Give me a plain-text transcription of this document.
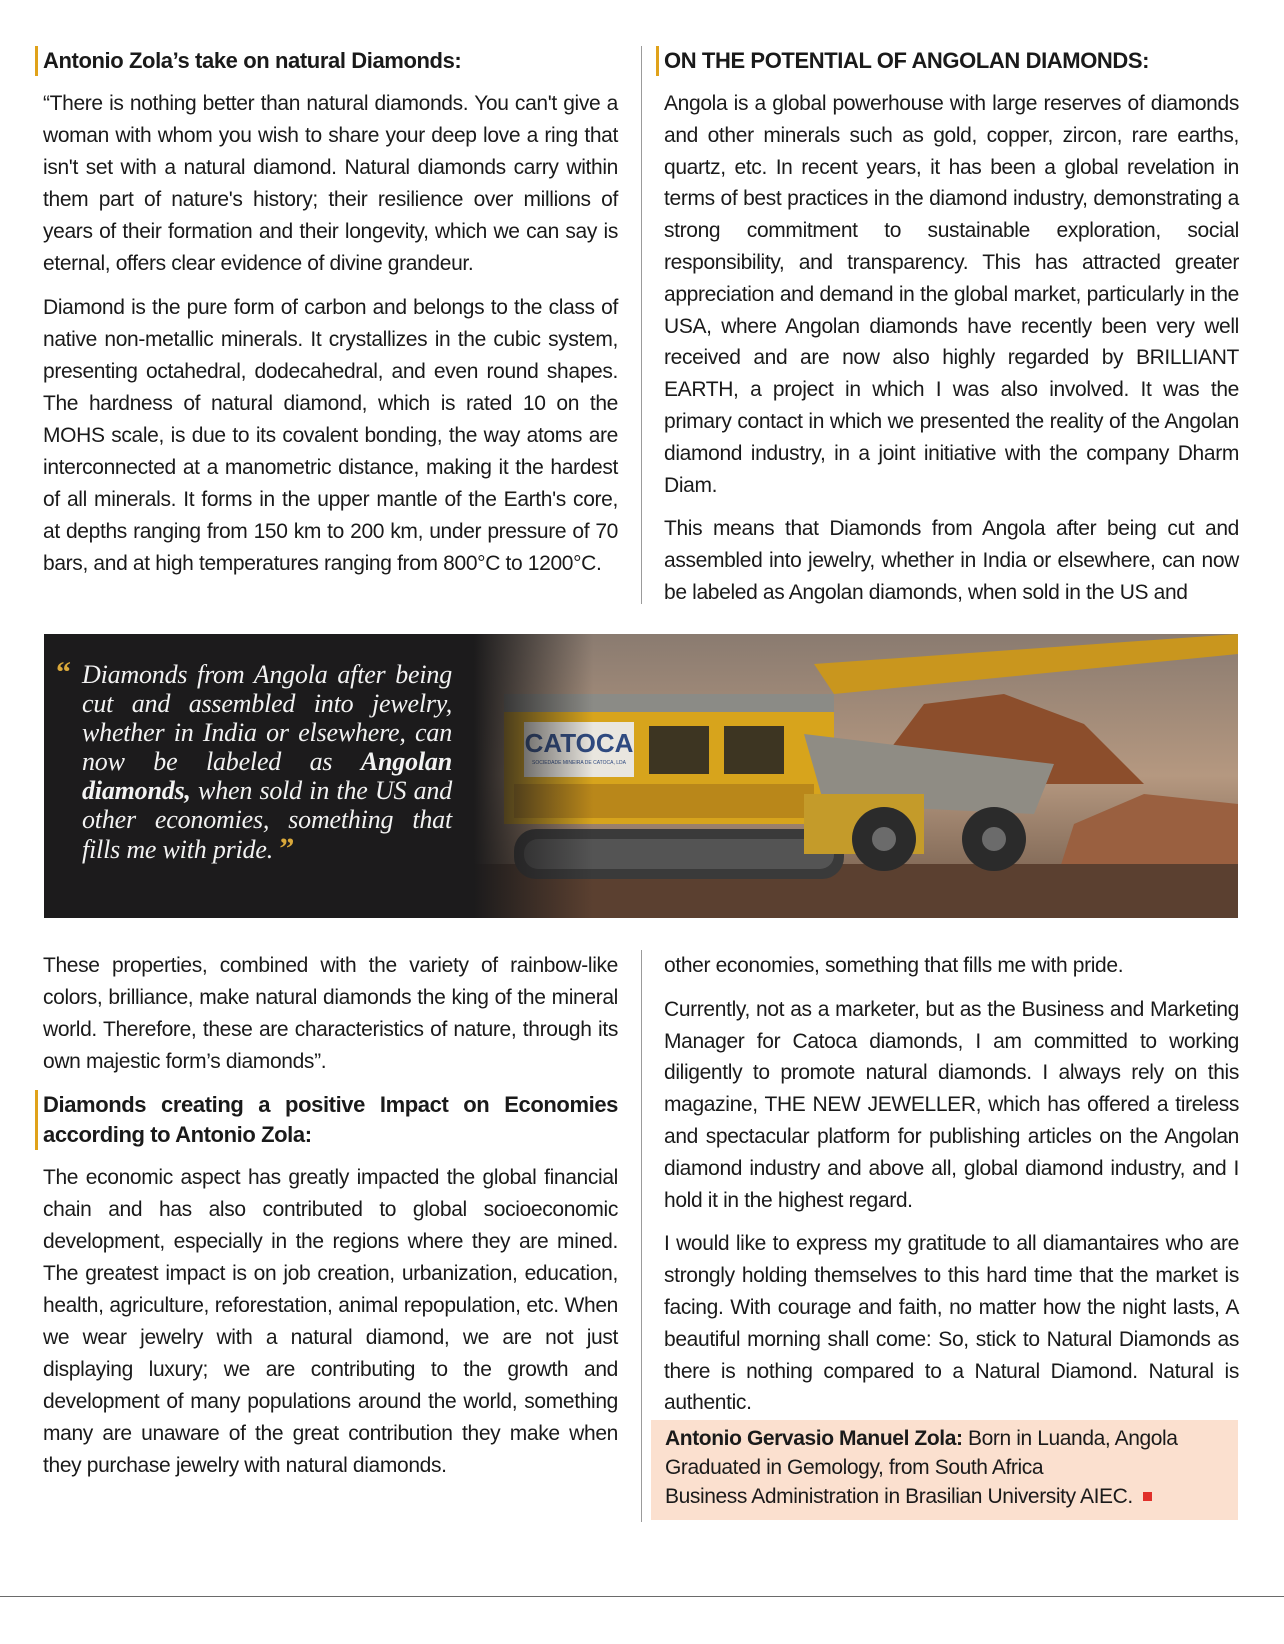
Antonio Zola’s take on natural Diamonds:

“There is nothing better than natural diamonds. You can't give a woman with whom you wish to share your deep love a ring that isn't set with a natural diamond. Natural diamonds carry within them part of nature's history; their resilience over millions of years of their formation and their longevity, which we can say is eternal, offers clear evidence of divine grandeur.

Diamond is the pure form of carbon and belongs to the class of native non-metallic minerals. It crystallizes in the cubic system, presenting octahedral, dodecahedral, and even round shapes. The hardness of natural diamond, which is rated 10 on the MOHS scale, is due to its covalent bonding, the way atoms are interconnected at a manometric distance, making it the hardest of all minerals. It forms in the upper mantle of the Earth's core, at depths ranging from 150 km to 200 km, under pressure of 70 bars, and at high temperatures ranging from 800°C to 1200°C.

ON THE POTENTIAL OF ANGOLAN DIAMONDS:

Angola is a global powerhouse with large reserves of diamonds and other minerals such as gold, copper, zircon, rare earths, quartz, etc. In recent years, it has been a global revelation in terms of best practices in the diamond industry, demonstrating a strong commitment to sustainable exploration, social responsibility, and transparency. This has attracted greater appreciation and demand in the global market, particularly in the USA, where Angolan diamonds have recently been very well received and are now also highly regarded by BRILLIANT EARTH, a project in which I was also involved. It was the primary contact in which we presented the reality of the Angolan diamond industry, in a joint initiative with the company Dharm Diam.

This means that Diamonds from Angola after being cut and assembled into jewelry, whether in India or elsewhere, can now be labeled as Angolan diamonds, when sold in the US and

“ Diamonds from Angola after being cut and assembled into jewelry, whether in India or elsewhere, can now be labeled as Angolan diamonds, when sold in the US and other economies, something that fills me with pride. ”

These properties, combined with the variety of rainbow-like colors, brilliance, make natural diamonds the king of the mineral world. Therefore, these are characteristics of nature, through its own majestic form’s diamonds”.

Diamonds creating a positive Impact on Economies according to Antonio Zola:

The economic aspect has greatly impacted the global financial chain and has also contributed to global socioeconomic development, especially in the regions where they are mined. The greatest impact is on job creation, urbanization, education, health, agriculture, reforestation, animal repopulation, etc. When we wear jewelry with a natural diamond, we are not just displaying luxury; we are contributing to the growth and development of many populations around the world, something many are unaware of the great contribution they make when they purchase jewelry with natural diamonds.

other economies, something that fills me with pride.

Currently, not as a marketer, but as the Business and Marketing Manager for Catoca diamonds, I am committed to working diligently to promote natural diamonds. I always rely on this magazine, THE NEW JEWELLER, which has offered a tireless and spectacular platform for publishing articles on the Angolan diamond industry and above all, global diamond industry, and I hold it in the highest regard.

I would like to express my gratitude to all diamantaires who are strongly holding themselves to this hard time that the market is facing. With courage and faith, no matter how the night lasts, A beautiful morning shall come: So, stick to Natural Diamonds as there is nothing compared to a Natural Diamond. Natural is authentic.

Antonio Gervasio Manuel Zola: Born in Luanda, Angola
Graduated in Gemology, from South Africa
Business Administration in Brasilian University AIEC.
